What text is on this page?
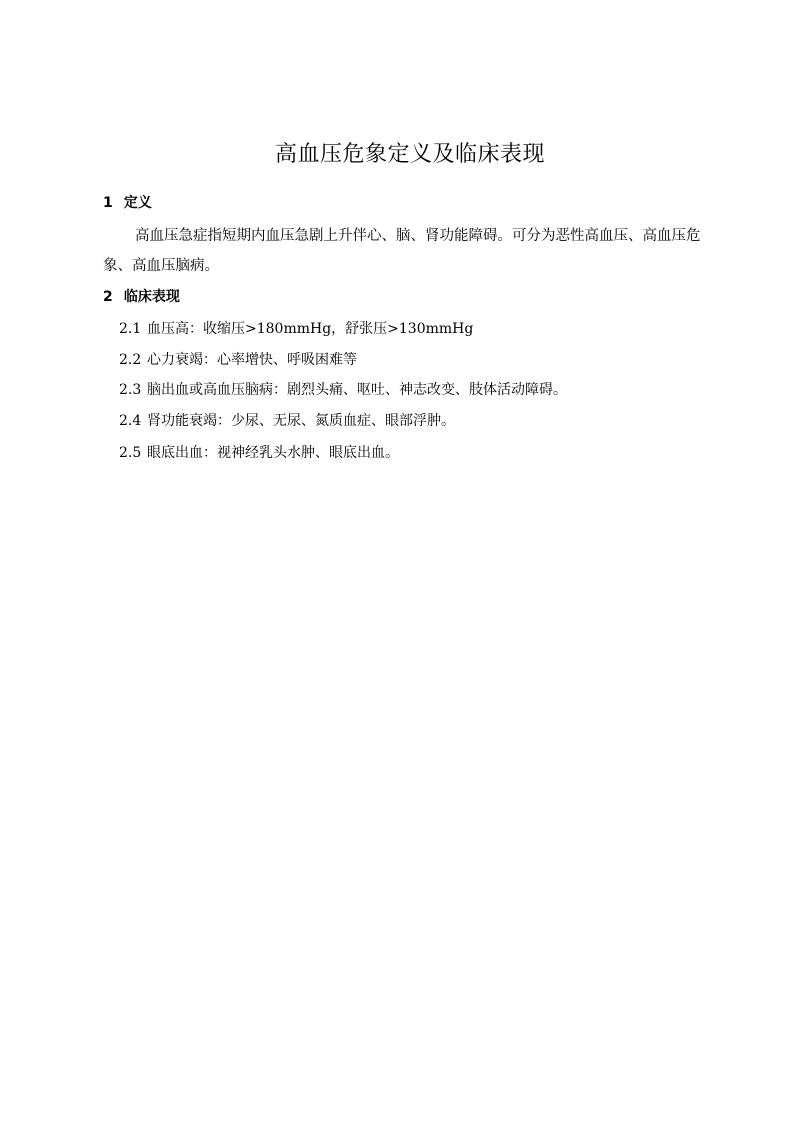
高血压危象定义及临床表现
1 定义
高血压急症指短期内血压急剧上升伴心、脑、肾功能障碍。可分为恶性高血压、高血压危象、高血压脑病。
2 临床表现
2.1 血压高：收缩压>180mmHg，舒张压>130mmHg
2.2 心力衰竭：心率增快、呼吸困难等
2.3 脑出血或高血压脑病：剧烈头痛、呕吐、神志改变、肢体活动障碍。
2.4 肾功能衰竭：少尿、无尿、氮质血症、眼部浮肿。
2.5 眼底出血：视神经乳头水肿、眼底出血。
